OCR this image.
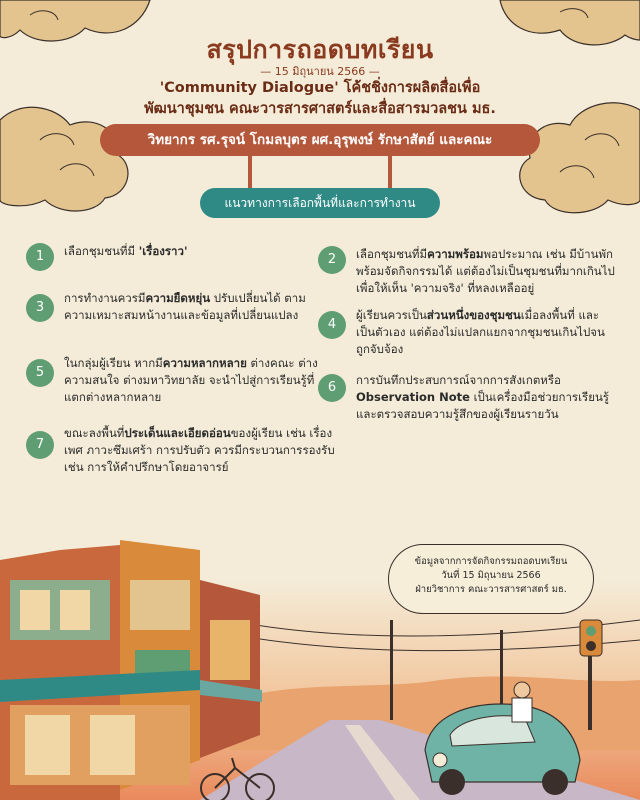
สรุปการถอดบทเรียน
— 15 มิถุนายน 2566 —
'Community Dialogue' โค้ชชิ่งการผลิตสื่อเพื่อ
พัฒนาชุมชน คณะวารสารศาสตร์และสื่อสารมวลชน มธ.
วิทยากร รศ.รุจน์ โกมลบุตร ผศ.อุรุพงษ์ รักษาสัตย์ และคณะ
แนวทางการเลือกพื้นที่และการทำงาน
1	เลือกชุมชนที่มี 'เรื่องราว'
2	เลือกชุมชนที่มีความพร้อมพอประมาณ เช่น มีบ้านพักพร้อมจัดกิจกรรมได้ แต่ต้องไม่เป็นชุมชนที่มากเกินไป เพื่อให้เห็น 'ความจริง' ที่หลงเหลืออยู่
3
การทำงานควรมีความยืดหยุ่น ปรับเปลี่ยนได้ ตามความเหมาะสมหน้างานและข้อมูลที่เปลี่ยนแปลง
4
ผู้เรียนควรเป็นส่วนหนึ่งของชุมชนเมื่อลงพื้นที่ และเป็นตัวเอง แต่ต้องไม่แปลกแยกจากชุมชนเกินไปจนถูกจับจ้อง
5
ในกลุ่มผู้เรียน หากมีความหลากหลาย ต่างคณะ ต่างความสนใจ ต่างมหาวิทยาลัย จะนำไปสู่การเรียนรู้ที่แตกต่างหลากหลาย
6	การบันทึกประสบการณ์จากการสังเกตหรือ Observation Note เป็นเครื่องมือช่วยการเรียนรู้และตรวจสอบความรู้สึกของผู้เรียนรายวัน
7
ขณะลงพื้นที่ประเด็นและเอียดอ่อนของผู้เรียน เช่น เรื่องเพศ ภาวะซึมเศร้า การปรับตัว ควรมีกระบวนการรองรับ เช่น การให้คำปรึกษาโดยอาจารย์
ข้อมูลจากการจัดกิจกรรมถอดบทเรียน
วันที่ 15 มิถุนายน 2566
ฝ่ายวิชาการ คณะวารสารศาสตร์ มธ.
